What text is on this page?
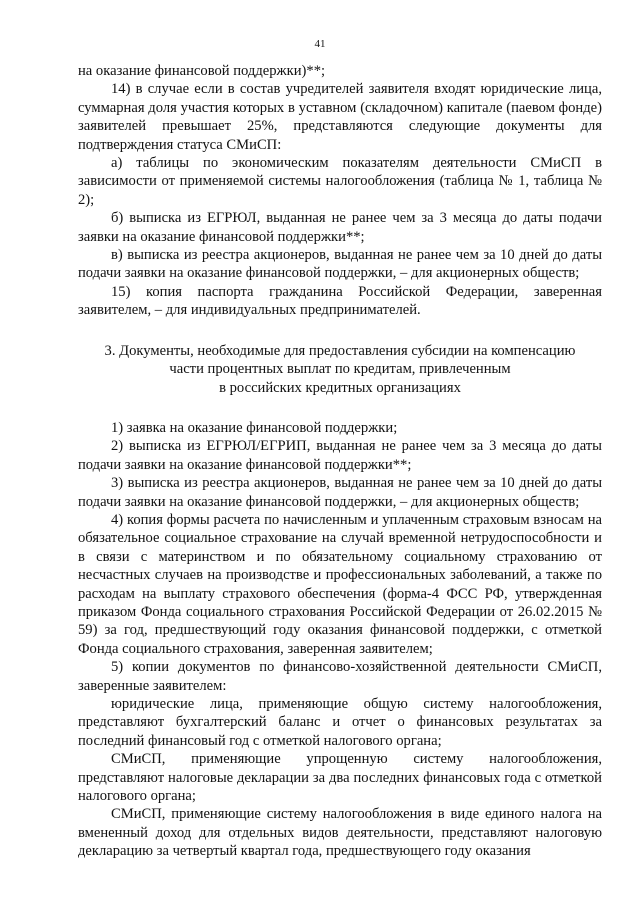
41

на оказание финансовой поддержки)**;

14) в случае если в состав учредителей заявителя входят юридические лица, суммарная доля участия которых в уставном (складочном) капитале (паевом фонде) заявителей превышает 25%, представляются следующие документы для подтверждения статуса СМиСП:

а) таблицы по экономическим показателям деятельности СМиСП в зависимости от применяемой системы налогообложения (таблица № 1, таблица № 2);

б) выписка из ЕГРЮЛ, выданная не ранее чем за 3 месяца до даты подачи заявки на оказание финансовой поддержки**;

в) выписка из реестра акционеров, выданная не ранее чем за 10 дней до даты подачи заявки на оказание финансовой поддержки, – для акционерных обществ;

15) копия паспорта гражданина Российской Федерации, заверенная заявителем, – для индивидуальных предпринимателей.

3. Документы, необходимые для предоставления субсидии на компенсацию
части процентных выплат по кредитам, привлеченным
в российских кредитных организациях

1) заявка на оказание финансовой поддержки;

2) выписка из ЕГРЮЛ/ЕГРИП, выданная не ранее чем за 3 месяца до даты подачи заявки на оказание финансовой поддержки**;

3) выписка из реестра акционеров, выданная не ранее чем за 10 дней до даты подачи заявки на оказание финансовой поддержки, – для акционерных обществ;

4) копия формы расчета по начисленным и уплаченным страховым взносам на обязательное социальное страхование на случай временной нетрудоспособности и в связи с материнством и по обязательному социальному страхованию от несчастных случаев на производстве и профессиональных заболеваний, а также по расходам на выплату страхового обеспечения (форма-4 ФСС РФ, утвержденная приказом Фонда социального страхования Российской Федерации от 26.02.2015 № 59) за год, предшествующий году оказания финансовой поддержки, с отметкой Фонда социального страхования, заверенная заявителем;

5) копии документов по финансово-хозяйственной деятельности СМиСП, заверенные заявителем:

юридические лица, применяющие общую систему налогообложения, представляют бухгалтерский баланс и отчет о финансовых результатах за последний финансовый год с отметкой налогового органа;

СМиСП, применяющие упрощенную систему налогообложения, представляют налоговые декларации за два последних финансовых года с отметкой налогового органа;

СМиСП, применяющие систему налогообложения в виде единого налога на вмененный доход для отдельных видов деятельности, представляют налоговую декларацию за четвертый квартал года, предшествующего году оказания
